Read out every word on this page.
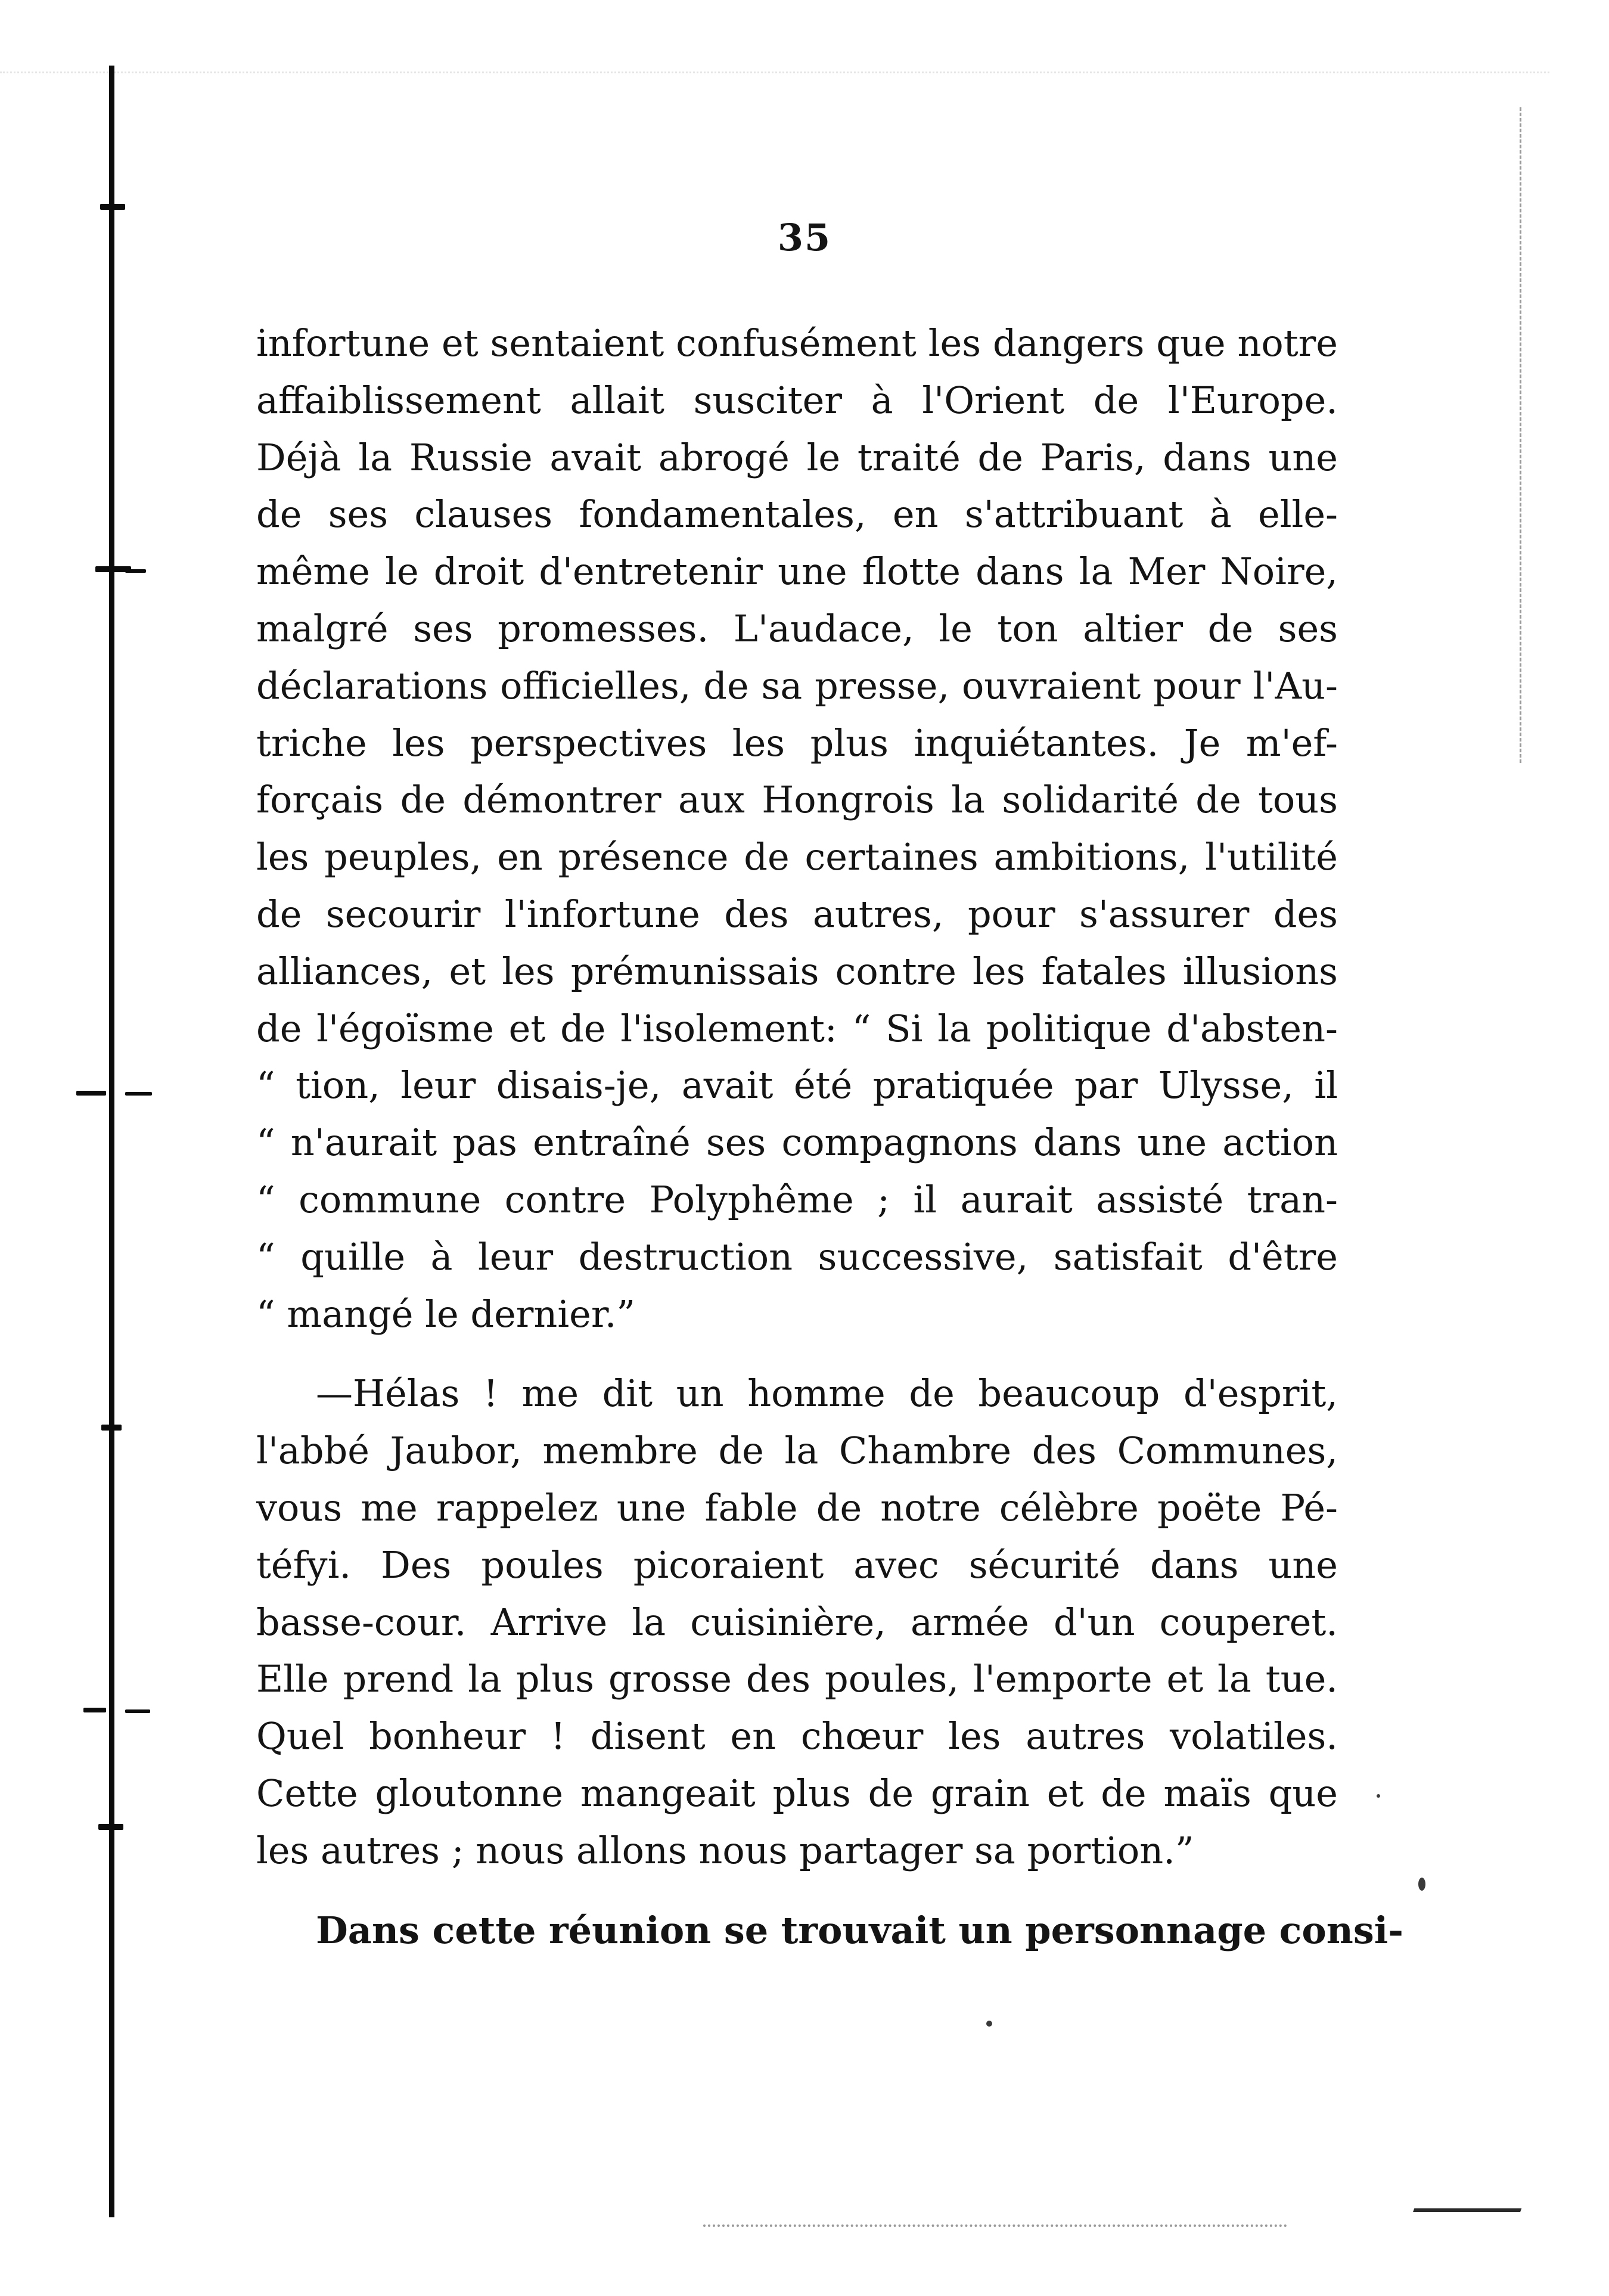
35
infortune et sentaient confusément les dangers que notre
affaiblissement allait susciter à l'Orient de l'Europe.
Déjà la Russie avait abrogé le traité de Paris, dans une
de ses clauses fondamentales, en s'attribuant à elle-
même le droit d'entretenir une flotte dans la Mer Noire,
malgré ses promesses. L'audace, le ton altier de ses
déclarations officielles, de sa presse, ouvraient pour l'Au-
triche les perspectives les plus inquiétantes. Je m'ef-
forçais de démontrer aux Hongrois la solidarité de tous
les peuples, en présence de certaines ambitions, l'utilité
de secourir l'infortune des autres, pour s'assurer des
alliances, et les prémunissais contre les fatales illusions
de l'égoïsme et de l'isolement: “ Si la politique d'absten-
“ tion, leur disais-je, avait été pratiquée par Ulysse, il
“ n'aurait pas entraîné ses compagnons dans une action
“ commune contre Polyphême ; il aurait assisté tran-
“ quille à leur destruction successive, satisfait d'être
“ mangé le dernier.”
—Hélas ! me dit un homme de beaucoup d'esprit,
l'abbé Jaubor, membre de la Chambre des Communes,
vous me rappelez une fable de notre célèbre poëte Pé-
téfyi. Des poules picoraient avec sécurité dans une
basse-cour. Arrive la cuisinière, armée d'un couperet.
Elle prend la plus grosse des poules, l'emporte et la tue.
Quel bonheur ! disent en chœur les autres volatiles.
Cette gloutonne mangeait plus de grain et de maïs que
les autres ; nous allons nous partager sa portion.”
Dans cette réunion se trouvait un personnage consi-
